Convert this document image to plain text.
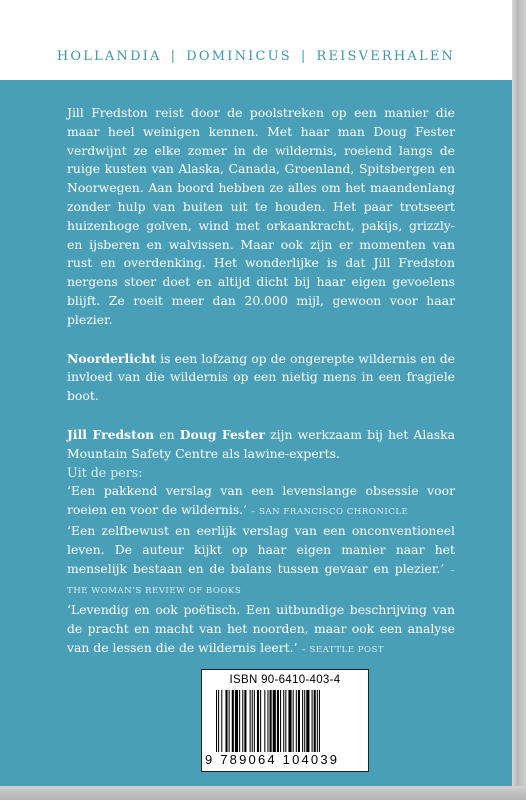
HOLLANDIA | DOMINICUS | REISVERHALEN

Jill Fredston reist door de poolstreken op een manier die maar heel weinigen kennen. Met haar man Doug Fester verdwijnt ze elke zomer in de wildernis, roeiend langs de ruige kusten van Alaska, Canada, Groenland, Spitsbergen en Noorwegen. Aan boord hebben ze alles om het maandenlang zonder hulp van buiten uit te houden. Het paar trotseert huizenhoge golven, wind met orkaankracht, pakijs, grizzly- en ijsberen en walvissen. Maar ook zijn er momenten van rust en overdenking. Het wonderlijke is dat Jill Fredston nergens stoer doet en altijd dicht bij haar eigen gevoelens blijft. Ze roeit meer dan 20.000 mijl, gewoon voor haar plezier.

Noorderlicht is een lofzang op de ongerepte wildernis en de invloed van die wildernis op een nietig mens in een fragiele boot.

Jill Fredston en Doug Fester zijn werkzaam bij het Alaska Mountain Safety Centre als lawine-experts.

Uit de pers:

‘Een pakkend verslag van een levenslange obsessie voor roeien en voor de wildernis.’ – SAN FRANCISCO CHRONICLE

‘Een zelfbewust en eerlijk verslag van een onconventioneel leven. De auteur kijkt op haar eigen manier naar het menselijk bestaan en de balans tussen gevaar en plezier.’ – THE WOMAN’S REVIEW OF BOOKS

‘Levendig en ook poëtisch. Een uitbundige beschrijving van de pracht en macht van het noorden, maar ook een analyse van de lessen die de wildernis leert.’ – SEATTLE POST

ISBN 90-6410-403-4
9 789064 104039
